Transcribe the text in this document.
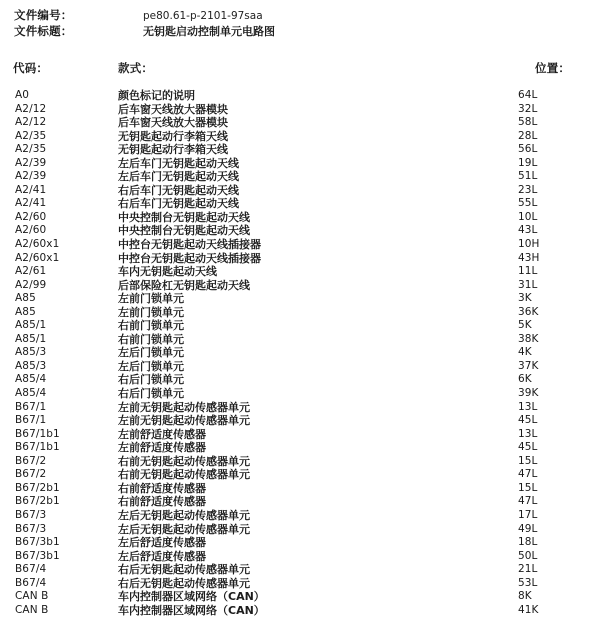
文件编号：	pe80.61-p-2101-97saa
文件标题：	无钥匙启动控制单元电路图
代码：	款式：	位置：
A0	颜色标记的说明	64L
A2/12	后车窗天线放大器模块	32L
A2/12	后车窗天线放大器模块	58L
A2/35	无钥匙起动行李箱天线	28L
A2/35	无钥匙起动行李箱天线	56L
A2/39	左后车门无钥匙起动天线	19L
A2/39	左后车门无钥匙起动天线	51L
A2/41	右后车门无钥匙起动天线	23L
A2/41	右后车门无钥匙起动天线	55L
A2/60	中央控制台无钥匙起动天线	10L
A2/60	中央控制台无钥匙起动天线	43L
A2/60x1	中控台无钥匙起动天线插接器	10H
A2/60x1	中控台无钥匙起动天线插接器	43H
A2/61	车内无钥匙起动天线	11L
A2/99	后部保险杠无钥匙起动天线	31L
A85	左前门锁单元	3K
A85	左前门锁单元	36K
A85/1	右前门锁单元	5K
A85/1	右前门锁单元	38K
A85/3	左后门锁单元	4K
A85/3	左后门锁单元	37K
A85/4	右后门锁单元	6K
A85/4	右后门锁单元	39K
B67/1	左前无钥匙起动传感器单元	13L
B67/1	左前无钥匙起动传感器单元	45L
B67/1b1	左前舒适度传感器	13L
B67/1b1	左前舒适度传感器	45L
B67/2	右前无钥匙起动传感器单元	15L
B67/2	右前无钥匙起动传感器单元	47L
B67/2b1	右前舒适度传感器	15L
B67/2b1	右前舒适度传感器	47L
B67/3	左后无钥匙起动传感器单元	17L
B67/3	左后无钥匙起动传感器单元	49L
B67/3b1	左后舒适度传感器	18L
B67/3b1	左后舒适度传感器	50L
B67/4	右后无钥匙起动传感器单元	21L
B67/4	右后无钥匙起动传感器单元	53L
CAN B	车内控制器区域网络（CAN）	8K
CAN B	车内控制器区域网络（CAN）	41K
